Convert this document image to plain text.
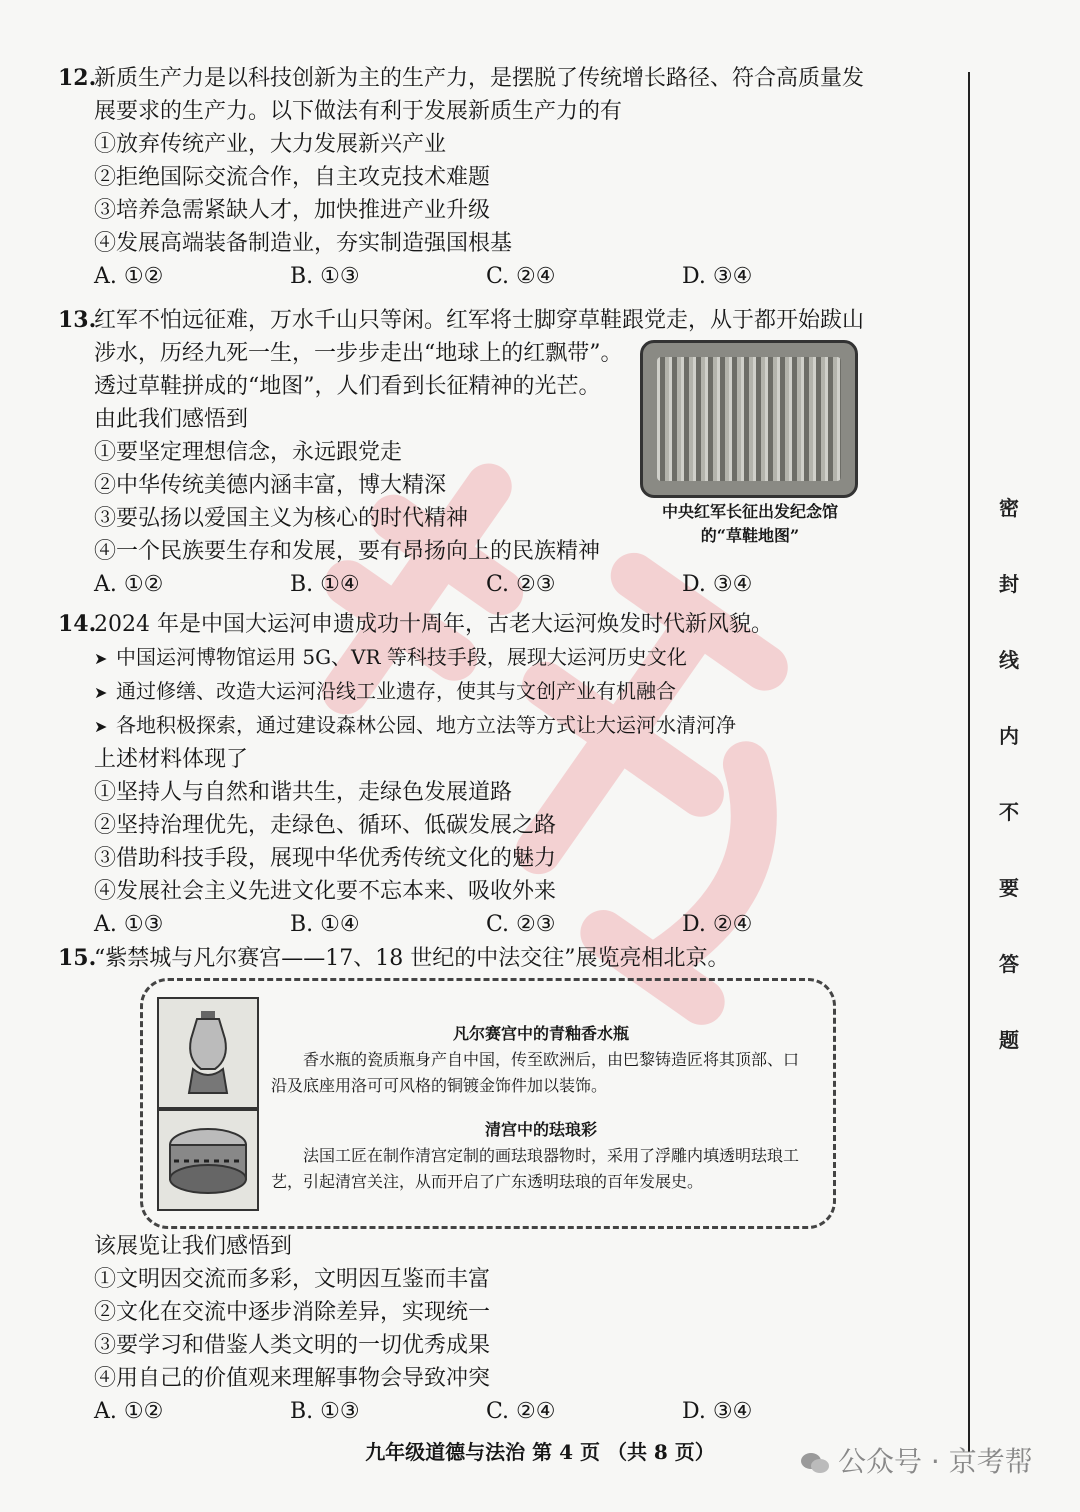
12.新质生产力是以科技创新为主的生产力，是摆脱了传统增长路径、符合高质量发
展要求的生产力。以下做法有利于发展新质生产力的有
①放弃传统产业，大力发展新兴产业
②拒绝国际交流合作，自主攻克技术难题
③培养急需紧缺人才，加快推进产业升级
④发展高端装备制造业，夯实制造强国根基
A. ①②	B. ①③	C. ②④	D. ③④
13.红军不怕远征难，万水千山只等闲。红军将士脚穿草鞋跟党走，从于都开始跋山
涉水，历经九死一生，一步步走出“地球上的红飘带”。
透过草鞋拼成的“地图”，人们看到长征精神的光芒。
由此我们感悟到
①要坚定理想信念，永远跟党走
②中华传统美德内涵丰富，博大精深
③要弘扬以爱国主义为核心的时代精神
④一个民族要生存和发展，要有昂扬向上的民族精神
A. ①②	B. ①④	C. ②③	D. ③④
中央红军长征出发纪念馆
的“草鞋地图”
14.2024 年是中国大运河申遗成功十周年，古老大运河焕发时代新风貌。
➤ 中国运河博物馆运用 5G、VR 等科技手段，展现大运河历史文化
➤ 通过修缮、改造大运河沿线工业遗存，使其与文创产业有机融合
➤ 各地积极探索，通过建设森林公园、地方立法等方式让大运河水清河净
上述材料体现了
①坚持人与自然和谐共生，走绿色发展道路
②坚持治理优先，走绿色、循环、低碳发展之路
③借助科技手段，展现中华优秀传统文化的魅力
④发展社会主义先进文化要不忘本来、吸收外来
A. ①③	B. ①④	C. ②③	D. ②④
15.“紫禁城与凡尔赛宫——17、18 世纪的中法交往”展览亮相北京。
凡尔赛宫中的青釉香水瓶
香水瓶的瓷质瓶身产自中国，传至欧洲后，由巴黎铸造匠将其顶部、口沿及底座用洛可可风格的铜镀金饰件加以装饰。
清宫中的珐琅彩
法国工匠在制作清宫定制的画珐琅器物时，采用了浮雕内填透明珐琅工艺，引起清宫关注，从而开启了广东透明珐琅的百年发展史。
该展览让我们感悟到
①文明因交流而多彩，文明因互鉴而丰富
②文化在交流中逐步消除差异，实现统一
③要学习和借鉴人类文明的一切优秀成果
④用自己的价值观来理解事物会导致冲突
A. ①②	B. ①③	C. ②④	D. ③④
密
封
线
内
不
要
答
题
九年级道德与法治 第 4 页 （共 8 页）	公众号 · 京考帮
